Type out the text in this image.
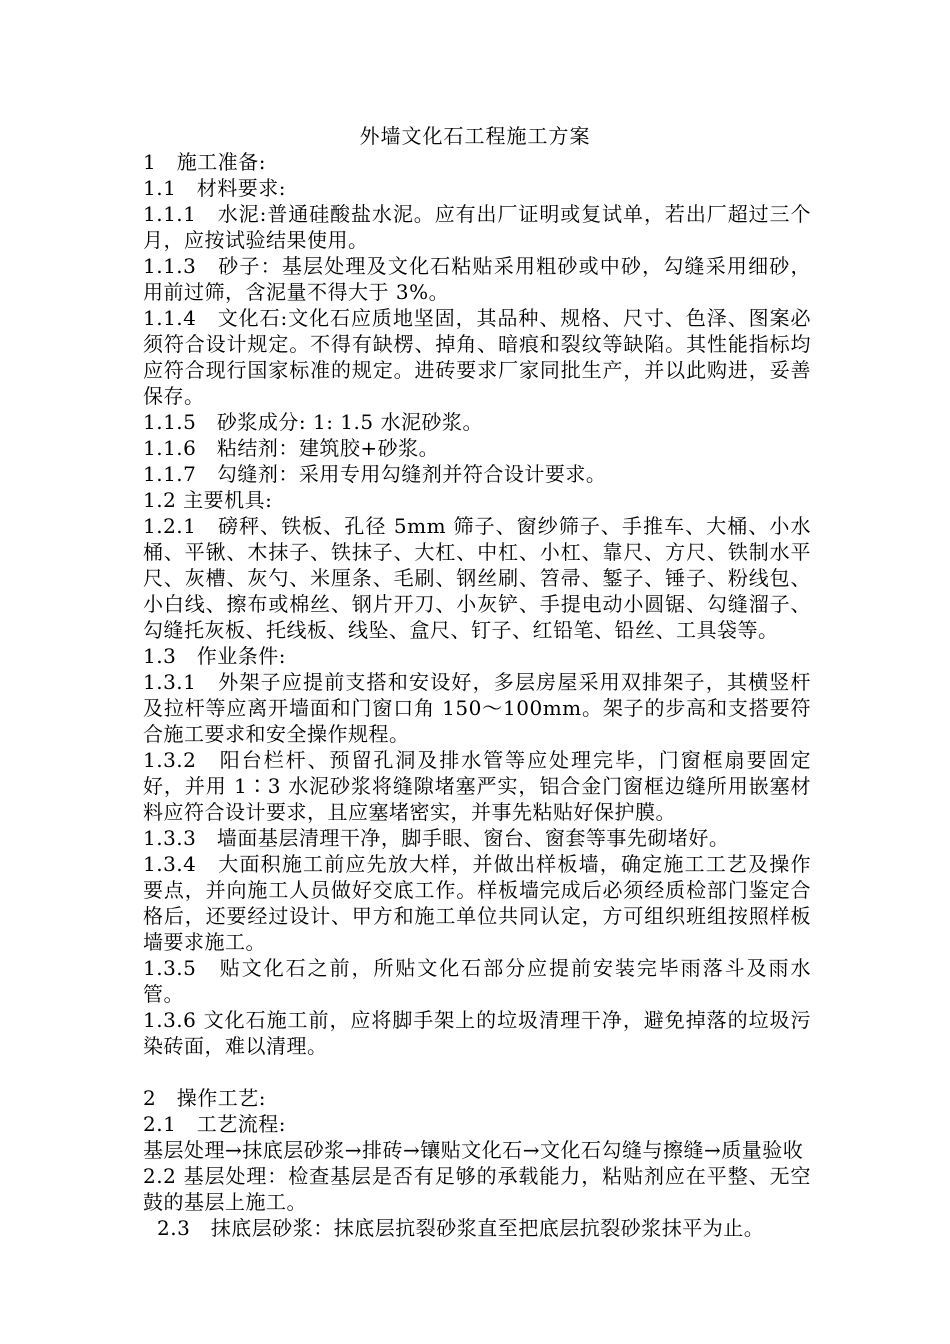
外墙文化石工程施工方案

1　施工准备:

1.1　材料要求:

1.1.1　水泥:普通硅酸盐水泥。应有出厂证明或复试单，若出厂超过三个月，应按试验结果使用。

1.1.3　砂子：基层处理及文化石粘贴采用粗砂或中砂，勾缝采用细砂，用前过筛，含泥量不得大于 3%。

1.1.4　文化石:文化石应质地坚固，其品种、规格、尺寸、色泽、图案必须符合设计规定。不得有缺楞、掉角、暗痕和裂纹等缺陷。其性能指标均应符合现行国家标准的规定。进砖要求厂家同批生产，并以此购进，妥善保存。

1.1.5　砂浆成分: 1: 1.5 水泥砂浆。

1.1.6　粘结剂：建筑胶+砂浆。

1.1.7　勾缝剂：采用专用勾缝剂并符合设计要求。

1.2 主要机具:

1.2.1　磅秤、铁板、孔径 5mm 筛子、窗纱筛子、手推车、大桶、小水桶、平锹、木抹子、铁抹子、大杠、中杠、小杠、靠尺、方尺、铁制水平尺、灰槽、灰勺、米厘条、毛刷、钢丝刷、笤帚、錾子、锤子、粉线包、小白线、擦布或棉丝、钢片开刀、小灰铲、手提电动小圆锯、勾缝溜子、勾缝托灰板、托线板、线坠、盒尺、钉子、红铅笔、铅丝、工具袋等。

1.3　作业条件:

1.3.1　外架子应提前支搭和安设好，多层房屋采用双排架子，其横竖杆及拉杆等应离开墙面和门窗口角 150～100mm。架子的步高和支搭要符合施工要求和安全操作规程。

1.3.2　阳台栏杆、预留孔洞及排水管等应处理完毕，门窗框扇要固定好，并用 1∶3 水泥砂浆将缝隙堵塞严实，铝合金门窗框边缝所用嵌塞材料应符合设计要求，且应塞堵密实，并事先粘贴好保护膜。

1.3.3　墙面基层清理干净，脚手眼、窗台、窗套等事先砌堵好。

1.3.4　大面积施工前应先放大样，并做出样板墙，确定施工工艺及操作要点，并向施工人员做好交底工作。样板墙完成后必须经质检部门鉴定合格后，还要经过设计、甲方和施工单位共同认定，方可组织班组按照样板墙要求施工。

1.3.5　贴文化石之前，所贴文化石部分应提前安装完毕雨落斗及雨水管。

1.3.6 文化石施工前，应将脚手架上的垃圾清理干净，避免掉落的垃圾污染砖面，难以清理。

2　操作工艺:

2.1　工艺流程:

基层处理→抹底层砂浆→排砖→镶贴文化石→文化石勾缝与擦缝→质量验收

2.2 基层处理：检查基层是否有足够的承载能力，粘贴剂应在平整、无空鼓的基层上施工。

2.3　抹底层砂浆：抹底层抗裂砂浆直至把底层抗裂砂浆抹平为止。
